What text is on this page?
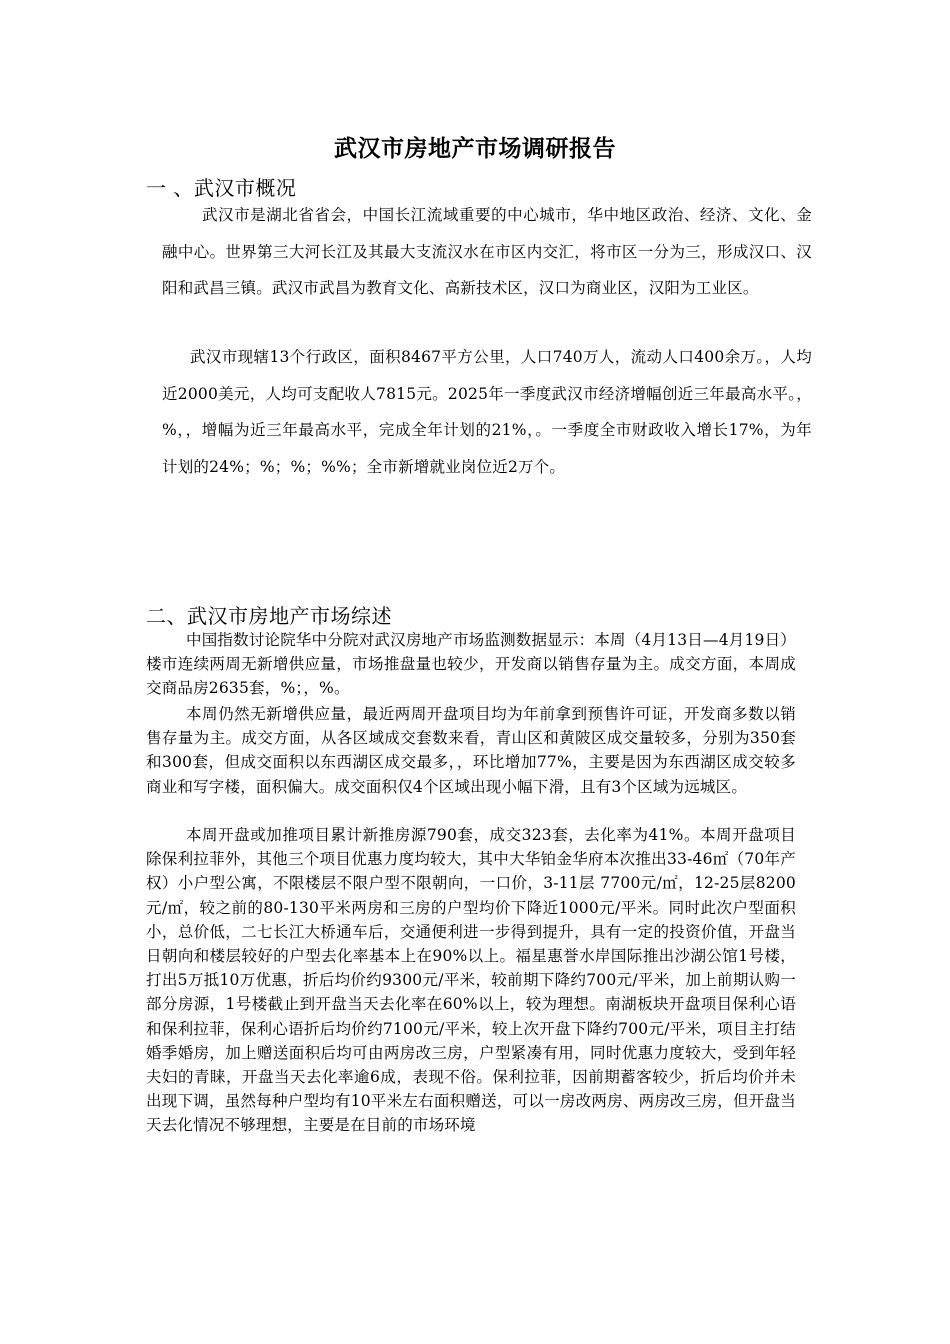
武汉市房地产市场调研报告
一 、武汉市概况

武汉市是湖北省省会，中国长江流域重要的中心城市，华中地区政治、经济、文化、金融中心。世界第三大河长江及其最大支流汉水在市区内交汇，将市区一分为三，形成汉口、汉阳和武昌三镇。武汉市武昌为教育文化、高新技术区，汉口为商业区，汉阳为工业区。

武汉市现辖13个行政区，面积8467平方公里，人口740万人，流动人口400余万。，人均近2000美元，人均可支配收人7815元。2025年一季度武汉市经济增幅创近三年最高水平。，%，，增幅为近三年最高水平，完成全年计划的21%，。一季度全市财政收入增长17%，为年计划的24%；%；%；%%；全市新增就业岗位近2万个。

二、武汉市房地产市场综述

中国指数讨论院华中分院对武汉房地产市场监测数据显示：本周（4月13日—4月19日）楼市连续两周无新增供应量，市场推盘量也较少，开发商以销售存量为主。成交方面，本周成交商品房2635套，%；，%。

本周仍然无新增供应量，最近两周开盘项目均为年前拿到预售许可证，开发商多数以销售存量为主。成交方面，从各区域成交套数来看，青山区和黄陂区成交量较多，分别为350套和300套，但成交面积以东西湖区成交最多，，环比增加77%，主要是因为东西湖区成交较多商业和写字楼，面积偏大。成交面积仅4个区域出现小幅下滑，且有3个区域为远城区。

本周开盘或加推项目累计新推房源790套，成交323套，去化率为41%。本周开盘项目除保利拉菲外，其他三个项目优惠力度均较大，其中大华铂金华府本次推出33-46㎡（70年产权）小户型公寓，不限楼层不限户型不限朝向，一口价，3-11层 7700元/㎡，12-25层8200元/㎡，较之前的80-130平米两房和三房的户型均价下降近1000元/平米。同时此次户型面积小，总价低，二七长江大桥通车后，交通便利进一步得到提升，具有一定的投资价值，开盘当日朝向和楼层较好的户型去化率基本上在90%以上。福星惠誉水岸国际推出沙湖公馆1号楼，打出5万抵10万优惠，折后均价约9300元/平米，较前期下降约700元/平米，加上前期认购一部分房源，1号楼截止到开盘当天去化率在60%以上，较为理想。南湖板块开盘项目保利心语和保利拉菲，保利心语折后均价约7100元/平米，较上次开盘下降约700元/平米，项目主打结婚季婚房，加上赠送面积后均可由两房改三房，户型紧凑有用，同时优惠力度较大，受到年轻夫妇的青睐，开盘当天去化率逾6成，表现不俗。保利拉菲，因前期蓄客较少，折后均价并未出现下调，虽然每种户型均有10平米左右面积赠送，可以一房改两房、两房改三房，但开盘当天去化情况不够理想，主要是在目前的市场环境
